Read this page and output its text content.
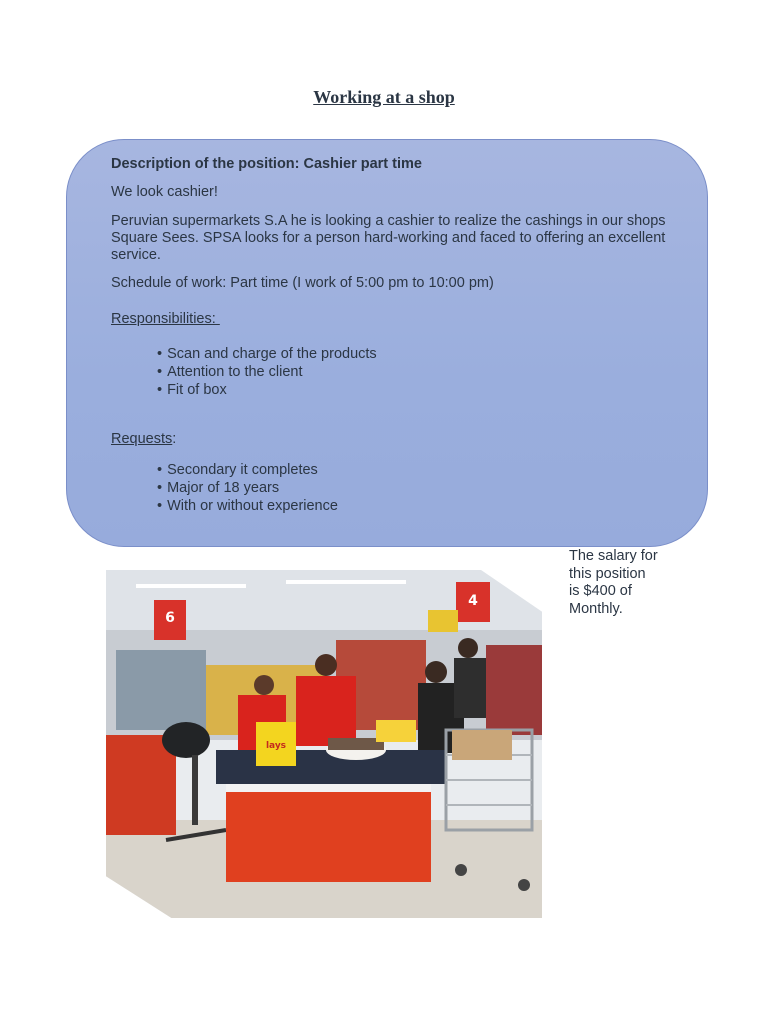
Working at a shop
Description of the position: Cashier part time
We look cashier!
Peruvian supermarkets S.A he is looking a cashier to realize the cashings in our shops Square Sees. SPSA looks for a person hard-working and faced to offering an excellent service.
Schedule of work: Part time (I work of 5:00 pm to 10:00 pm)
Responsibilities:
• Scan and charge of the products
• Attention to the client
• Fit of box
Requests:
• Secondary it completes
• Major of 18 years
• With or without experience
The salary for this position is $400 of Monthly.
6
4
lays
